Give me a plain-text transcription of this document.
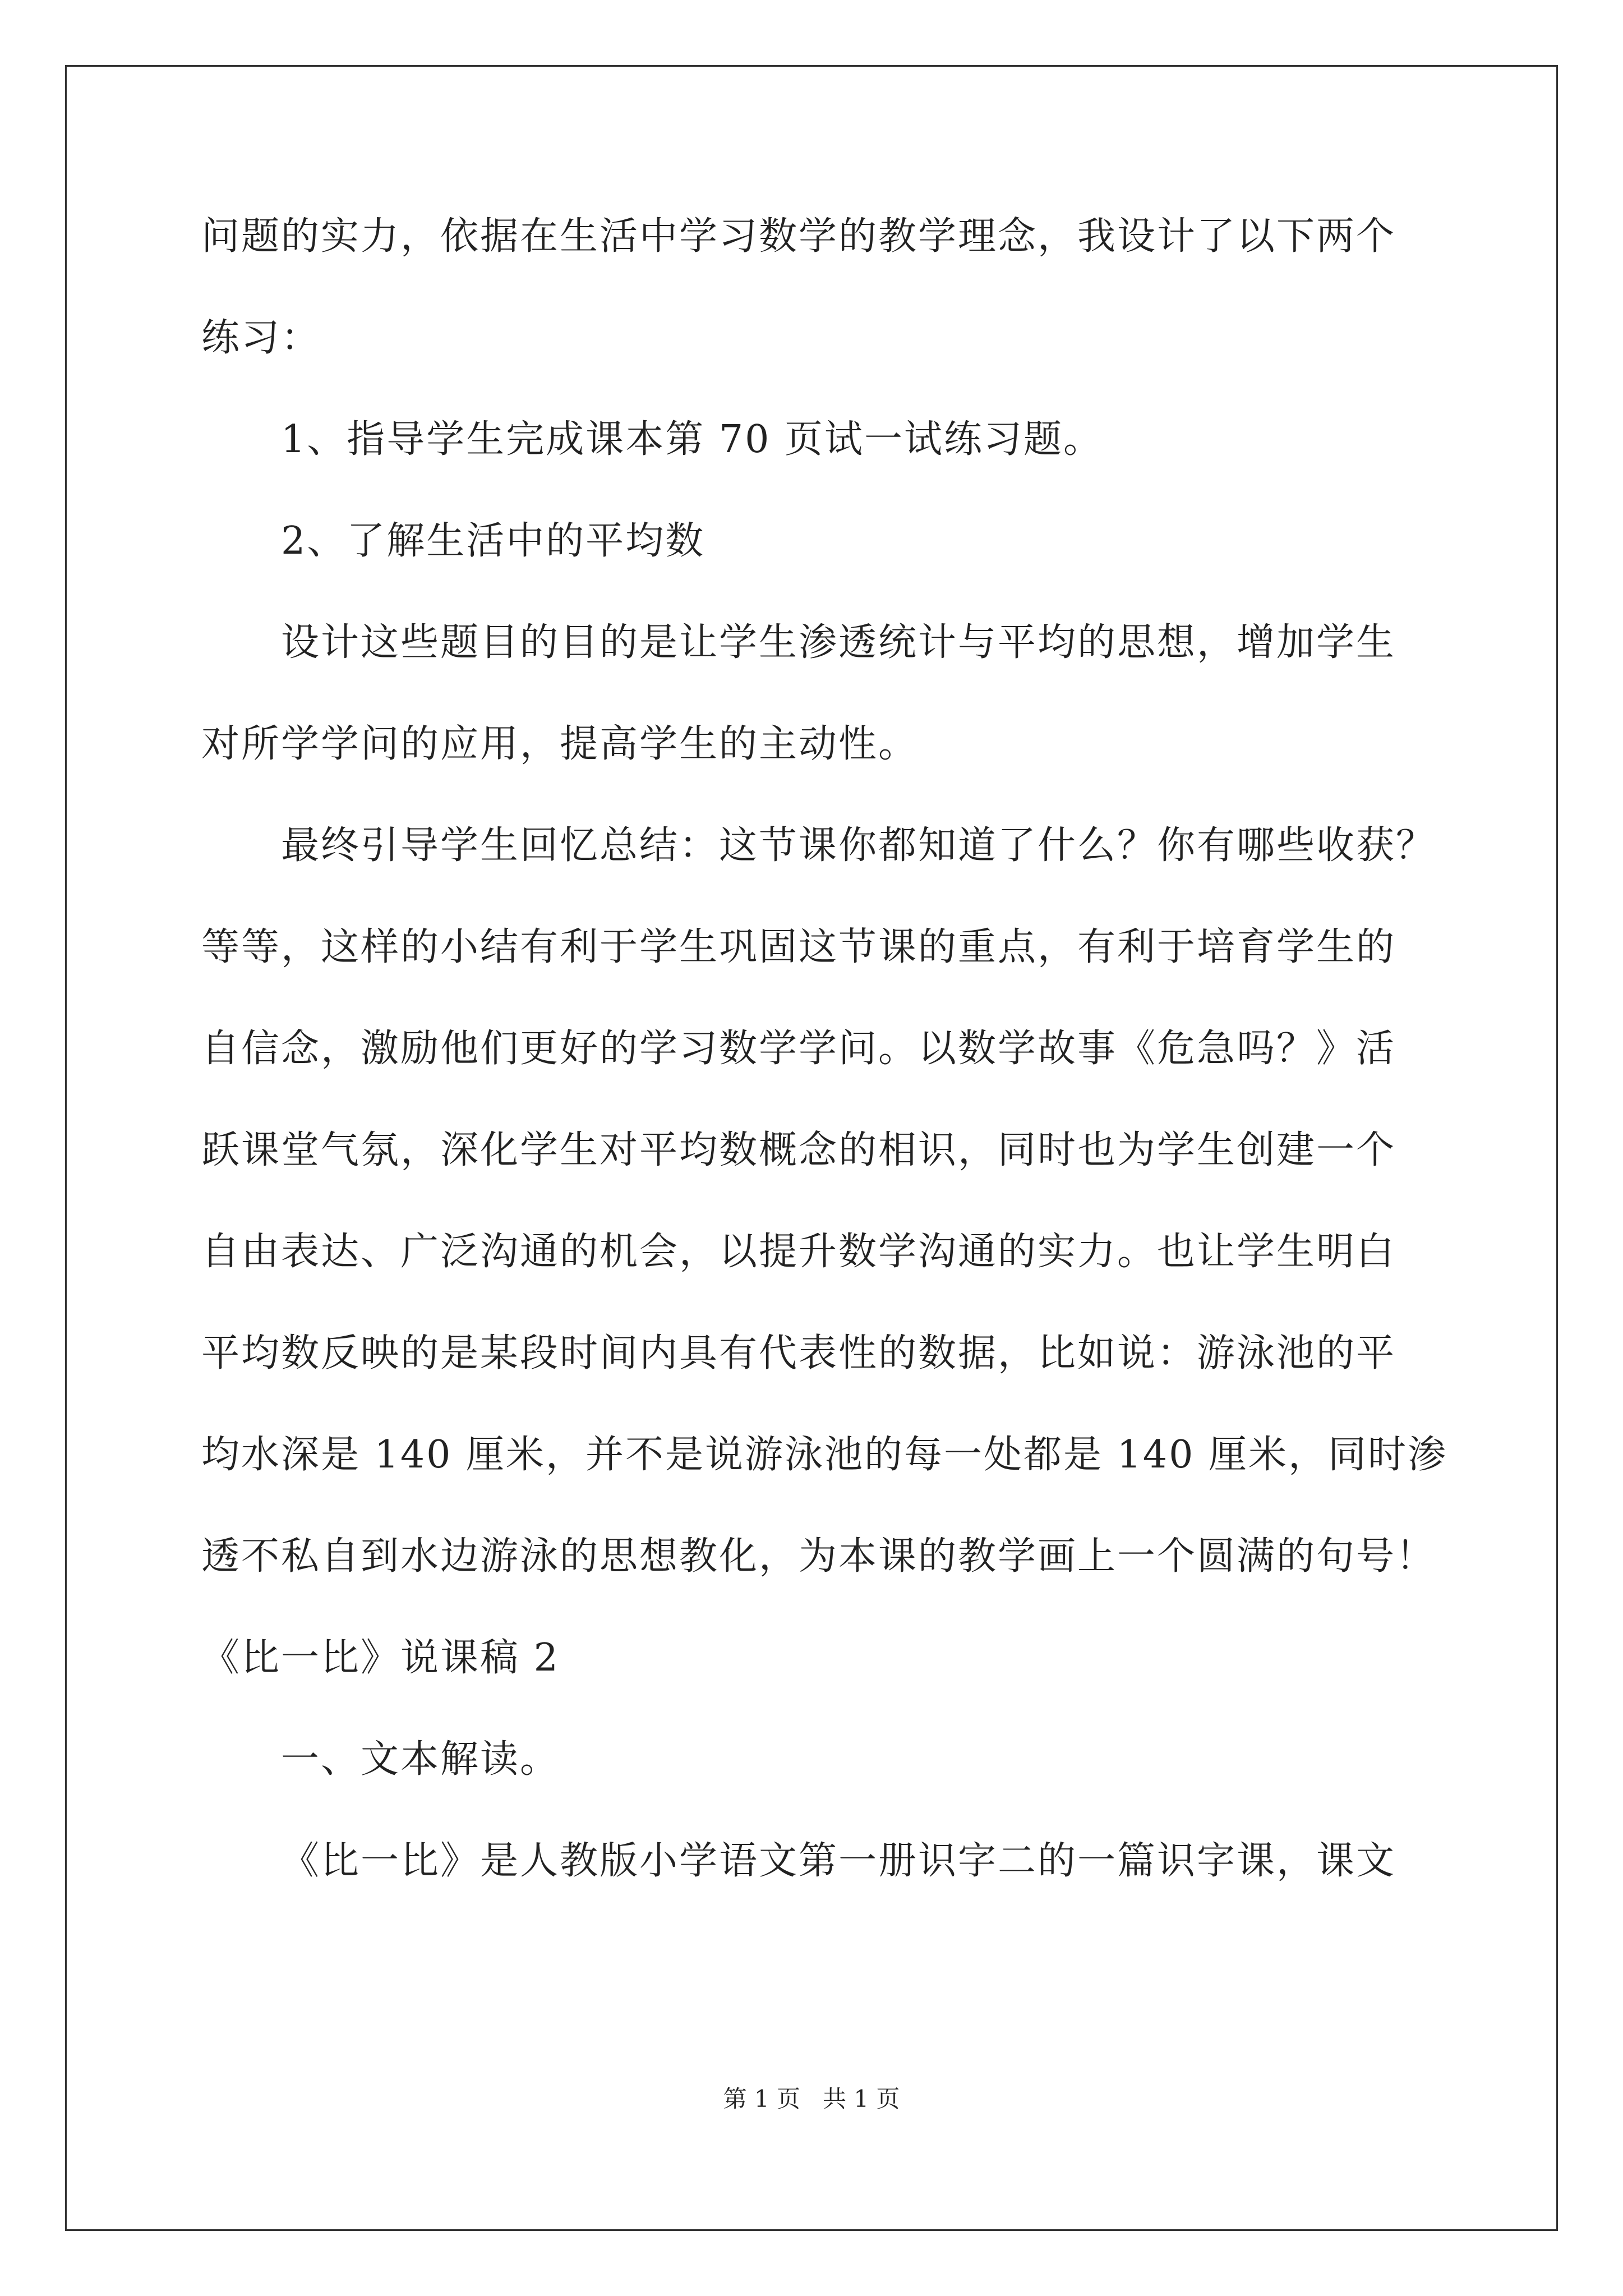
问题的实力，依据在生活中学习数学的教学理念，我设计了以下两个
练习：
1、指导学生完成课本第 70 页试一试练习题。
2、了解生活中的平均数
设计这些题目的目的是让学生渗透统计与平均的思想，增加学生
对所学学问的应用，提高学生的主动性。
最终引导学生回忆总结：这节课你都知道了什么？你有哪些收获？
等等，这样的小结有利于学生巩固这节课的重点，有利于培育学生的
自信念，激励他们更好的学习数学学问。以数学故事《危急吗？》活
跃课堂气氛，深化学生对平均数概念的相识，同时也为学生创建一个
自由表达、广泛沟通的机会，以提升数学沟通的实力。也让学生明白
平均数反映的是某段时间内具有代表性的数据，比如说：游泳池的平
均水深是 140 厘米，并不是说游泳池的每一处都是 140 厘米，同时渗
透不私自到水边游泳的思想教化，为本课的教学画上一个圆满的句号！
《比一比》说课稿 2
一、文本解读。
《比一比》是人教版小学语文第一册识字二的一篇识字课，课文
第 1 页 共 1 页
